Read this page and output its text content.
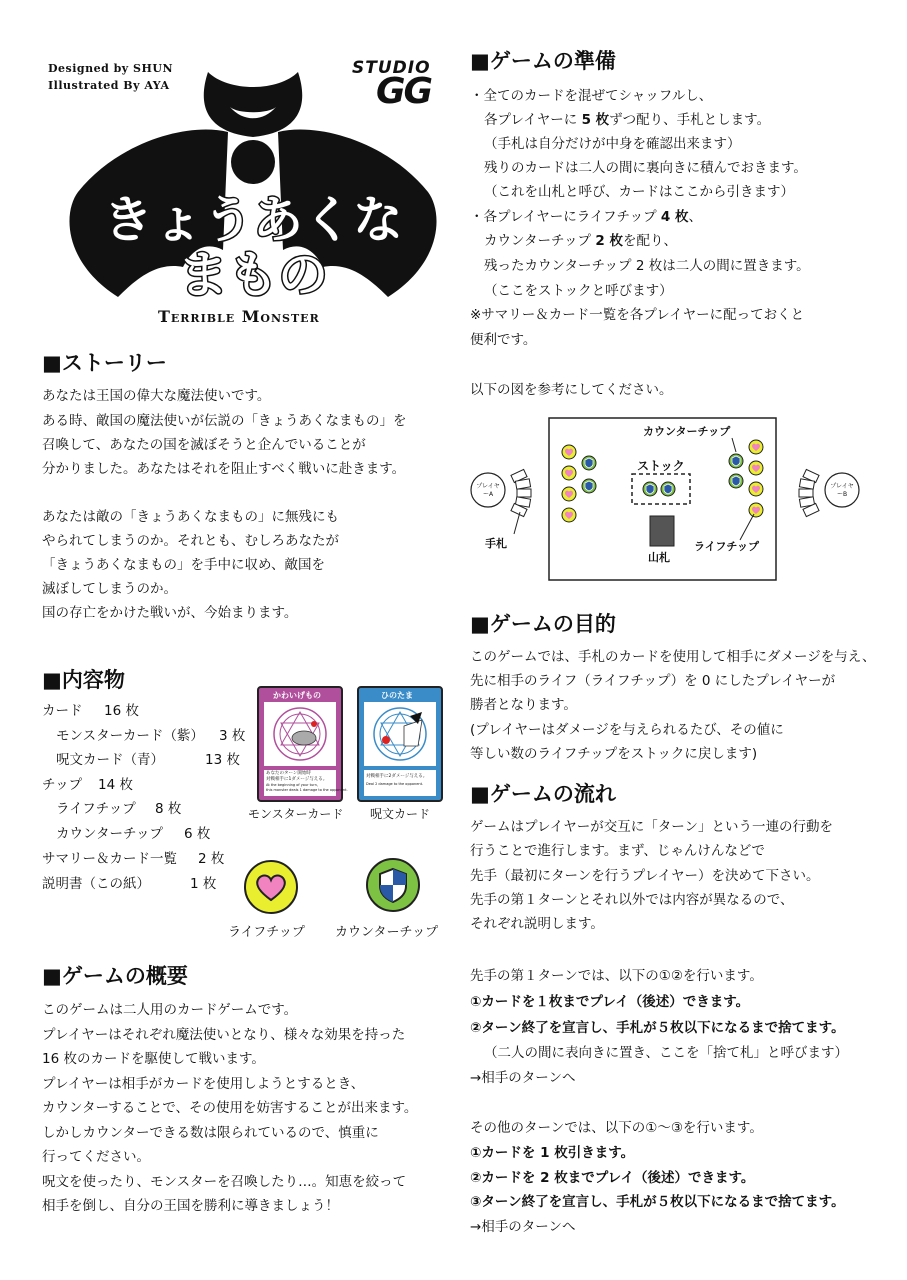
Designed by SHUN
Illustrated By AYA
STUDIO
GG
きょうあくな
まもの
Terrible Monster
■ストーリー
あなたは王国の偉大な魔法使いです。
ある時、敵国の魔法使いが伝説の「きょうあくなまもの」を
召喚して、あなたの国を滅ぼそうと企んでいることが
分かりました。あなたはそれを阻止すべく戦いに赴きます。
あなたは敵の「きょうあくなまもの」に無残にも
やられてしまうのか。それとも、むしろあなたが
「きょうあくなまもの」を手中に収め、敵国を
滅ぼしてしまうのか。
国の存亡をかけた戦いが、今始まります。
■内容物
カード 16 枚
モンスターカード（紫） 3 枚
呪文カード（青）	13 枚
チップ 14 枚
ライフチップ 8 枚
カウンターチップ 6 枚
サマリー＆カード一覧 2 枚
説明書（この紙）	1 枚
かわいげもの
あなたのターン開始時
対戦相手に1ダメージ与える。
At the beginning of your turn,
this monster deals 1 damage to the opponent.
モンスターカード
ひのたま
対戦相手に2ダメージ与える。
Deal 2 damage to the opponent.
呪文カード
ライフチップ カウンターチップ
■ゲームの概要
このゲームは二人用のカードゲームです。
プレイヤーはそれぞれ魔法使いとなり、様々な効果を持った
16 枚のカードを駆使して戦います。
プレイヤーは相手がカードを使用しようとするとき、
カウンターすることで、その使用を妨害することが出来ます。
しかしカウンターできる数は限られているので、慎重に
行ってください。
呪文を使ったり、モンスターを召喚したり…。知恵を絞って
相手を倒し、自分の王国を勝利に導きましょう！
■ゲームの準備
・全てのカードを混ぜてシャッフルし、
各プレイヤーに 5 枚ずつ配り、手札とします。
（手札は自分だけが中身を確認出来ます）
残りのカードは二人の間に裏向きに積んでおきます。
（これを山札と呼び、カードはここから引きます）
・各プレイヤーにライフチップ 4 枚、
カウンターチップ 2 枚を配り、
残ったカウンターチップ 2 枚は二人の間に置きます。
（ここをストックと呼びます）
※サマリー＆カード一覧を各プレイヤーに配っておくと
便利です。
以下の図を参考にしてください。
カウンターチップ
ストック
山札
ライフチップ
手札
プレイヤーA
プレイヤーB
■ゲームの目的
このゲームでは、手札のカードを使用して相手にダメージを与え、
先に相手のライフ（ライフチップ）を 0 にしたプレイヤーが
勝者となります。
(プレイヤーはダメージを与えられるたび、その値に
等しい数のライフチップをストックに戻します)
■ゲームの流れ
ゲームはプレイヤーが交互に「ターン」という一連の行動を
行うことで進行します。まず、じゃんけんなどで
先手（最初にターンを行うプレイヤー）を決めて下さい。
先手の第１ターンとそれ以外では内容が異なるので、
それぞれ説明します。
先手の第１ターンでは、以下の①②を行います。
①カードを１枚までプレイ（後述）できます。
②ターン終了を宣言し、手札が５枚以下になるまで捨てます。
（二人の間に表向きに置き、ここを「捨て札」と呼びます）
→相手のターンへ
その他のターンでは、以下の①～③を行います。
①カードを 1 枚引きます。
②カードを 2 枚までプレイ（後述）できます。
③ターン終了を宣言し、手札が５枚以下になるまで捨てます。
→相手のターンへ
